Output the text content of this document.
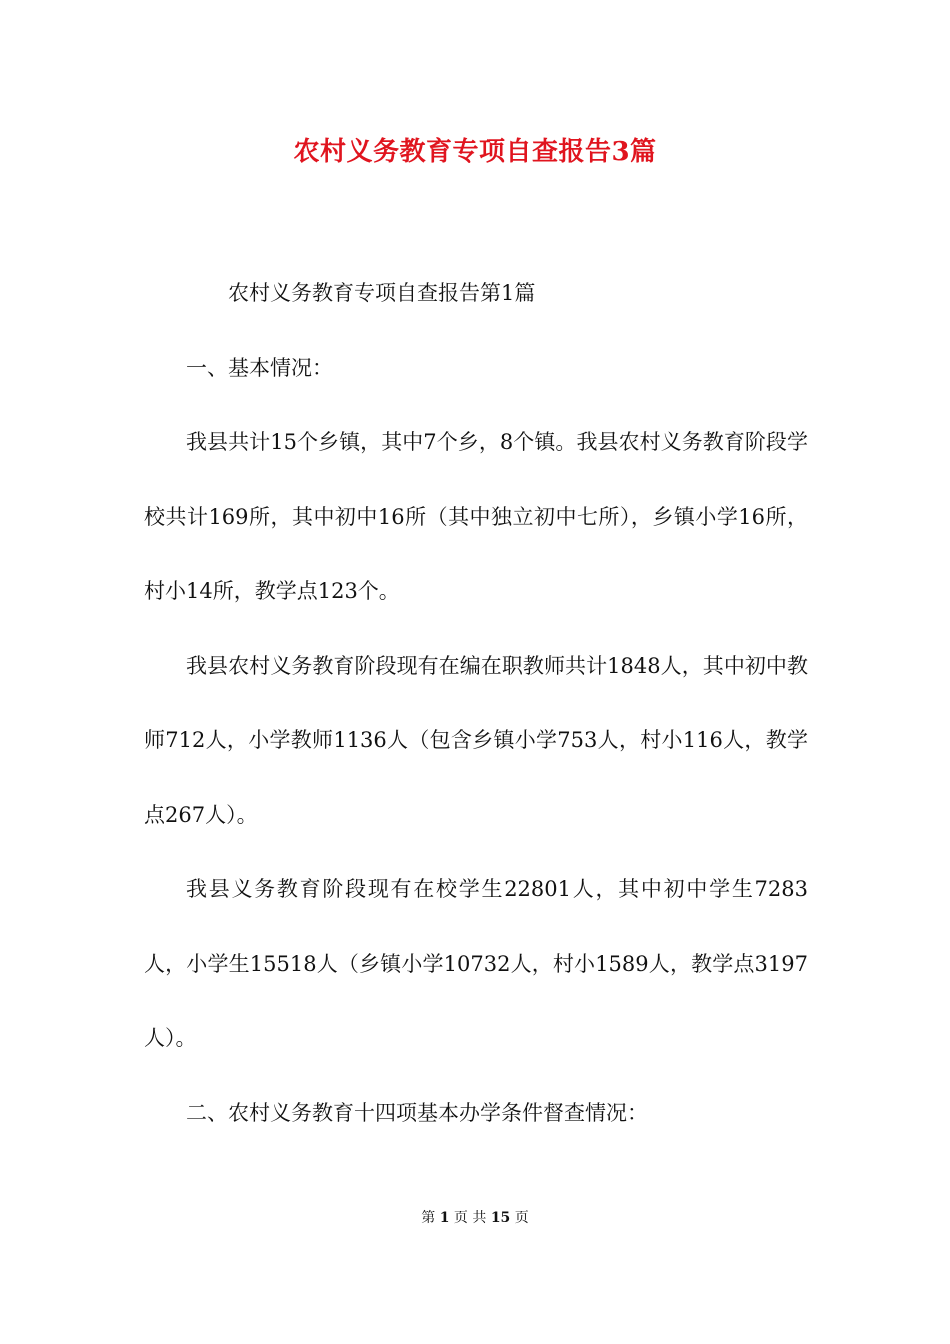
农村义务教育专项自查报告3篇

农村义务教育专项自查报告第1篇

一、基本情况：

我县共计15个乡镇，其中7个乡，8个镇。我县农村义务教育阶段学校共计169所，其中初中16所（其中独立初中七所），乡镇小学16所，村小14所，教学点123个。

我县农村义务教育阶段现有在编在职教师共计1848人，其中初中教师712人，小学教师1136人（包含乡镇小学753人，村小116人，教学点267人）。

我县义务教育阶段现有在校学生22801人，其中初中学生7283人，小学生15518人（乡镇小学10732人，村小1589人，教学点3197人）。

二、农村义务教育十四项基本办学条件督查情况：

第 1 页 共 15 页
